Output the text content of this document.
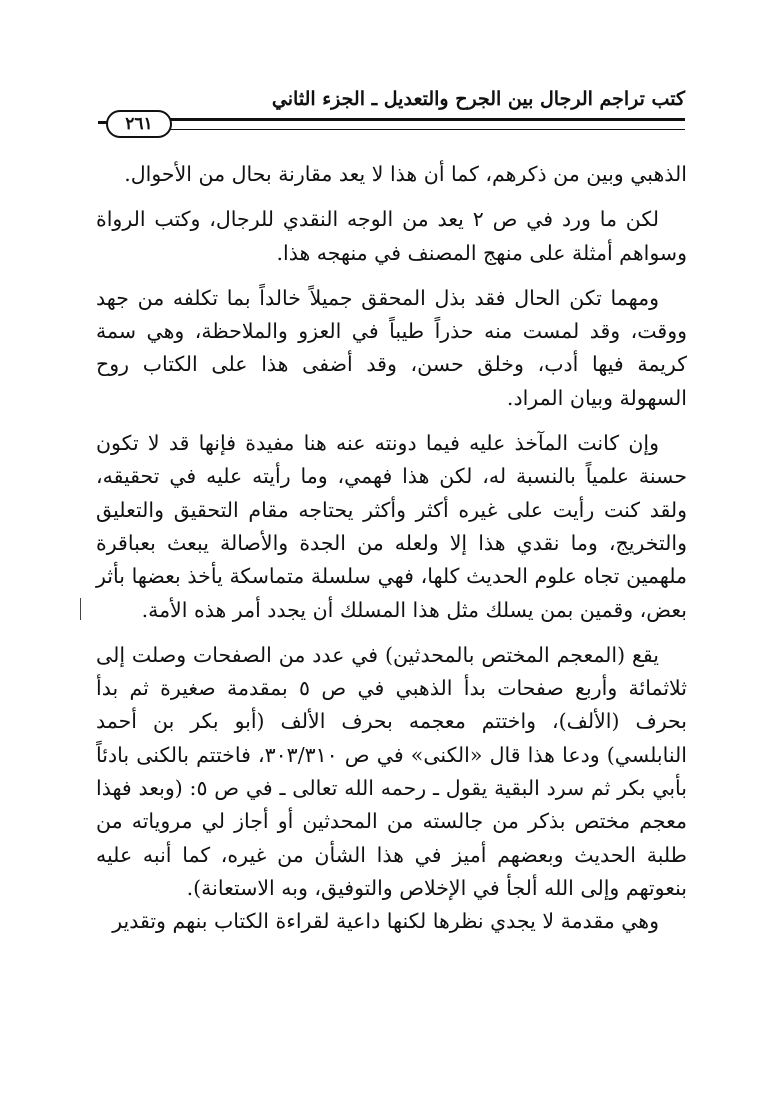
كتب تراجم الرجال بين الجرح والتعديل ـ الجزء الثاني
٢٦١

الذهبي وبين من ذكرهم، كما أن هذا لا يعد مقارنة بحال من الأحوال.

لكن ما ورد في ص ٢ يعد من الوجه النقدي للرجال، وكتب الرواة وسواهم أمثلة على منهج المصنف في منهجه هذا.

ومهما تكن الحال فقد بذل المحقق جميلاً خالداً بما تكلفه من جهد ووقت، وقد لمست منه حذراً طيباً في العزو والملاحظة، وهي سمة كريمة فيها أدب، وخلق حسن، وقد أضفى هذا على الكتاب روح السهولة وبيان المراد.

وإن كانت المآخذ عليه فيما دونته عنه هنا مفيدة فإنها قد لا تكون حسنة علمياً بالنسبة له، لكن هذا فهمي، وما رأيته عليه في تحقيقه، ولقد كنت رأيت على غيره أكثر وأكثر يحتاجه مقام التحقيق والتعليق والتخريج، وما نقدي هذا إلا ولعله من الجدة والأصالة يبعث بعباقرة ملهمين تجاه علوم الحديث كلها، فهي سلسلة متماسكة يأخذ بعضها بأثر بعض، وقمين بمن يسلك مثل هذا المسلك أن يجدد أمر هذه الأمة.

يقع (المعجم المختص بالمحدثين) في عدد من الصفحات وصلت إلى ثلاثمائة وأربع صفحات بدأ الذهبي في ص ٥ بمقدمة صغيرة ثم بدأ بحرف (الألف)، واختتم معجمه بحرف الألف (أبو بكر بن أحمد النابلسي) ودعا هذا قال «الكنى» في ص ٣٠٣/٣١٠، فاختتم بالكنى بادئاً بأبي بكر ثم سرد البقية يقول ـ رحمه الله تعالى ـ في ص ٥: (وبعد فهذا معجم مختص بذكر من جالسته من المحدثين أو أجاز لي مروياته من طلبة الحديث وبعضهم أميز في هذا الشأن من غيره، كما أنبه عليه بنعوتهم وإلى الله ألجأ في الإخلاص والتوفيق، وبه الاستعانة).

وهي مقدمة لا يجدي نظرها لكنها داعية لقراءة الكتاب بنهم وتقدير
